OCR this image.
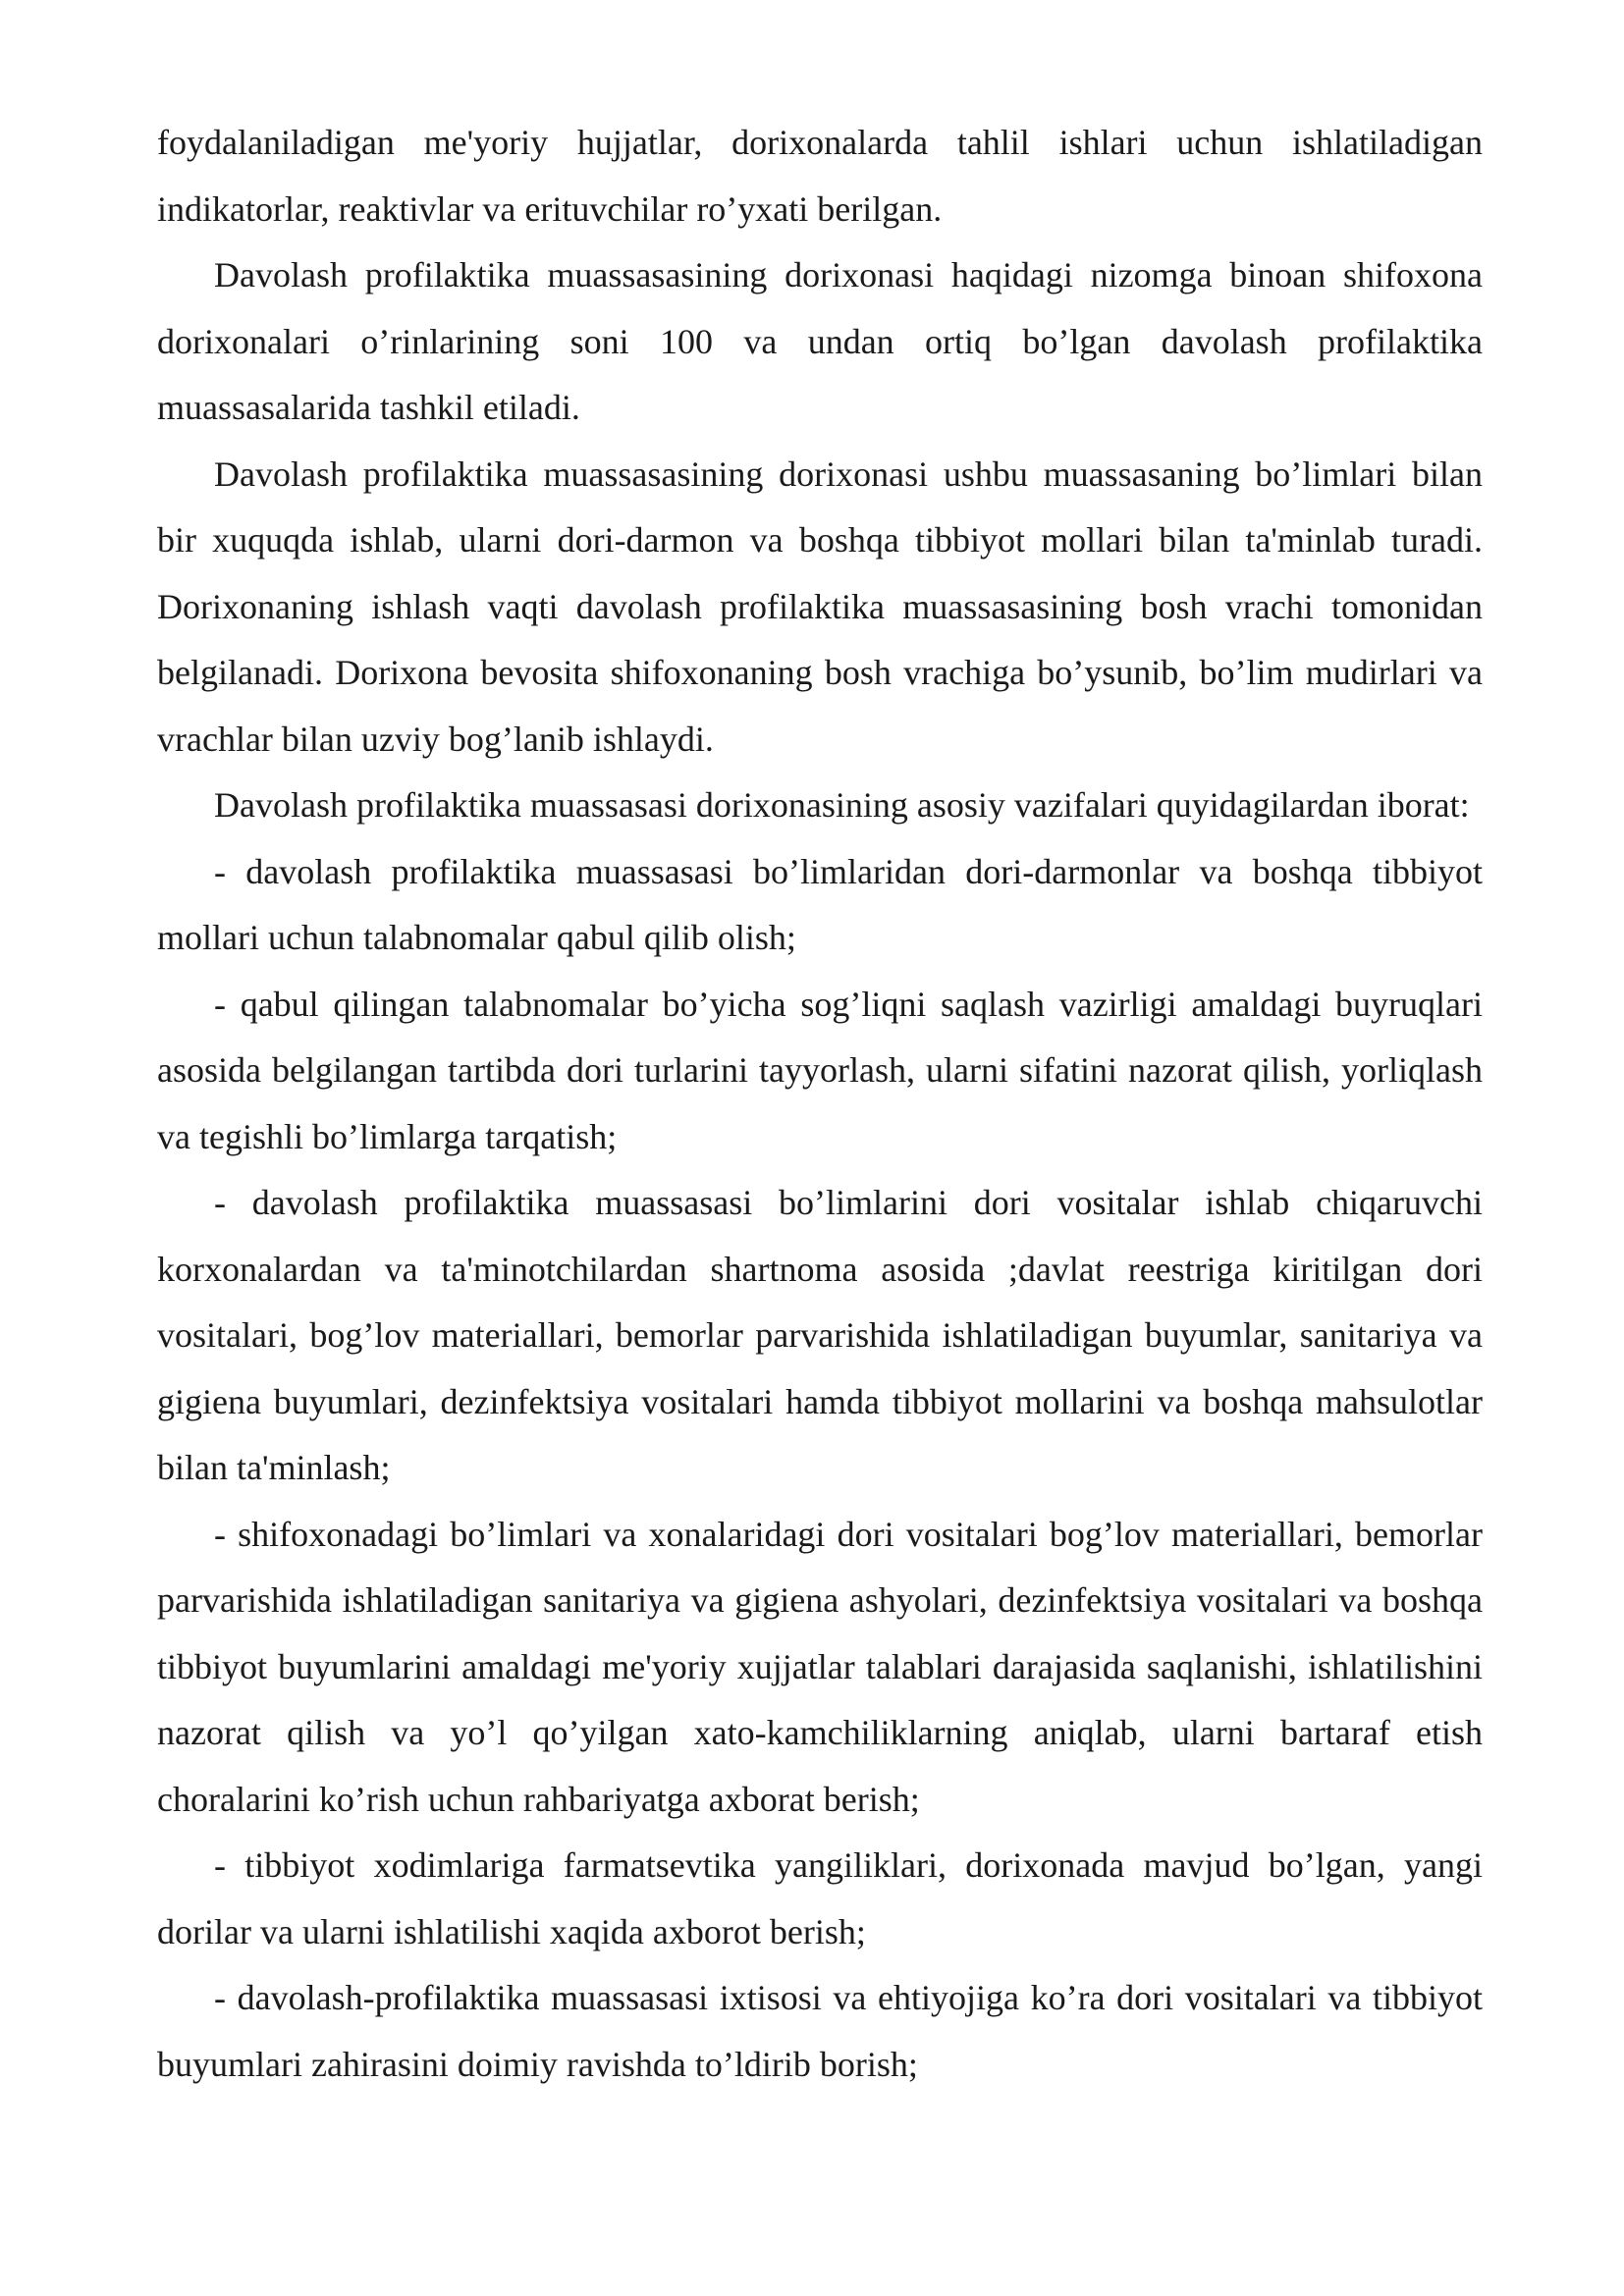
foydalaniladigan me'yoriy hujjatlar, dorixonalarda tahlil ishlari uchun ishlatiladigan indikatorlar, reaktivlar va erituvchilar ro’yxati berilgan.

Davolash profilaktika muassasasining dorixonasi haqidagi nizomga binoan shifoxona dorixonalari o’rinlarining soni 100 va undan ortiq bo’lgan davolash profilaktika muassasalarida tashkil etiladi.

Davolash profilaktika muassasasining dorixonasi ushbu muassasaning bo’limlari bilan bir xuquqda ishlab, ularni dori-darmon va boshqa tibbiyot mollari bilan ta'minlab turadi. Dorixonaning ishlash vaqti davolash profilaktika muassasasining bosh vrachi tomonidan belgilanadi. Dorixona bevosita shifoxonaning bosh vrachiga bo’ysunib, bo’lim mudirlari va vrachlar bilan uzviy bog’lanib ishlaydi.

Davolash profilaktika muassasasi dorixonasining asosiy vazifalari quyidagilardan iborat:

- davolash profilaktika muassasasi bo’limlaridan dori-darmonlar va boshqa tibbiyot mollari uchun talabnomalar qabul qilib olish;

- qabul qilingan talabnomalar bo’yicha sog’liqni saqlash vazirligi amaldagi buyruqlari asosida belgilangan tartibda dori turlarini tayyorlash, ularni sifatini nazorat qilish, yorliqlash va tegishli bo’limlarga tarqatish;

- davolash profilaktika muassasasi bo’limlarini dori vositalar ishlab chiqaruvchi korxonalardan va ta'minotchilardan shartnoma asosida ;davlat reestriga kiritilgan dori vositalari, bog’lov materiallari, bemorlar parvarishida ishlatiladigan buyumlar, sanitariya va gigiena buyumlari, dezinfektsiya vositalari hamda tibbiyot mollarini va boshqa mahsulotlar bilan ta'minlash;

- shifoxonadagi bo’limlari va xonalaridagi dori vositalari bog’lov materiallari, bemorlar parvarishida ishlatiladigan sanitariya va gigiena ashyolari, dezinfektsiya vositalari va boshqa tibbiyot buyumlarini amaldagi me'yoriy xujjatlar talablari darajasida saqlanishi, ishlatilishini nazorat qilish va yo’l qo’yilgan xato-kamchiliklarning aniqlab, ularni bartaraf etish choralarini ko’rish uchun rahbariyatga axborat berish;

- tibbiyot xodimlariga farmatsevtika yangiliklari, dorixonada mavjud bo’lgan, yangi dorilar va ularni ishlatilishi xaqida axborot berish;

- davolash-profilaktika muassasasi ixtisosi va ehtiyojiga ko’ra dori vositalari va tibbiyot buyumlari zahirasini doimiy ravishda to’ldirib borish;
